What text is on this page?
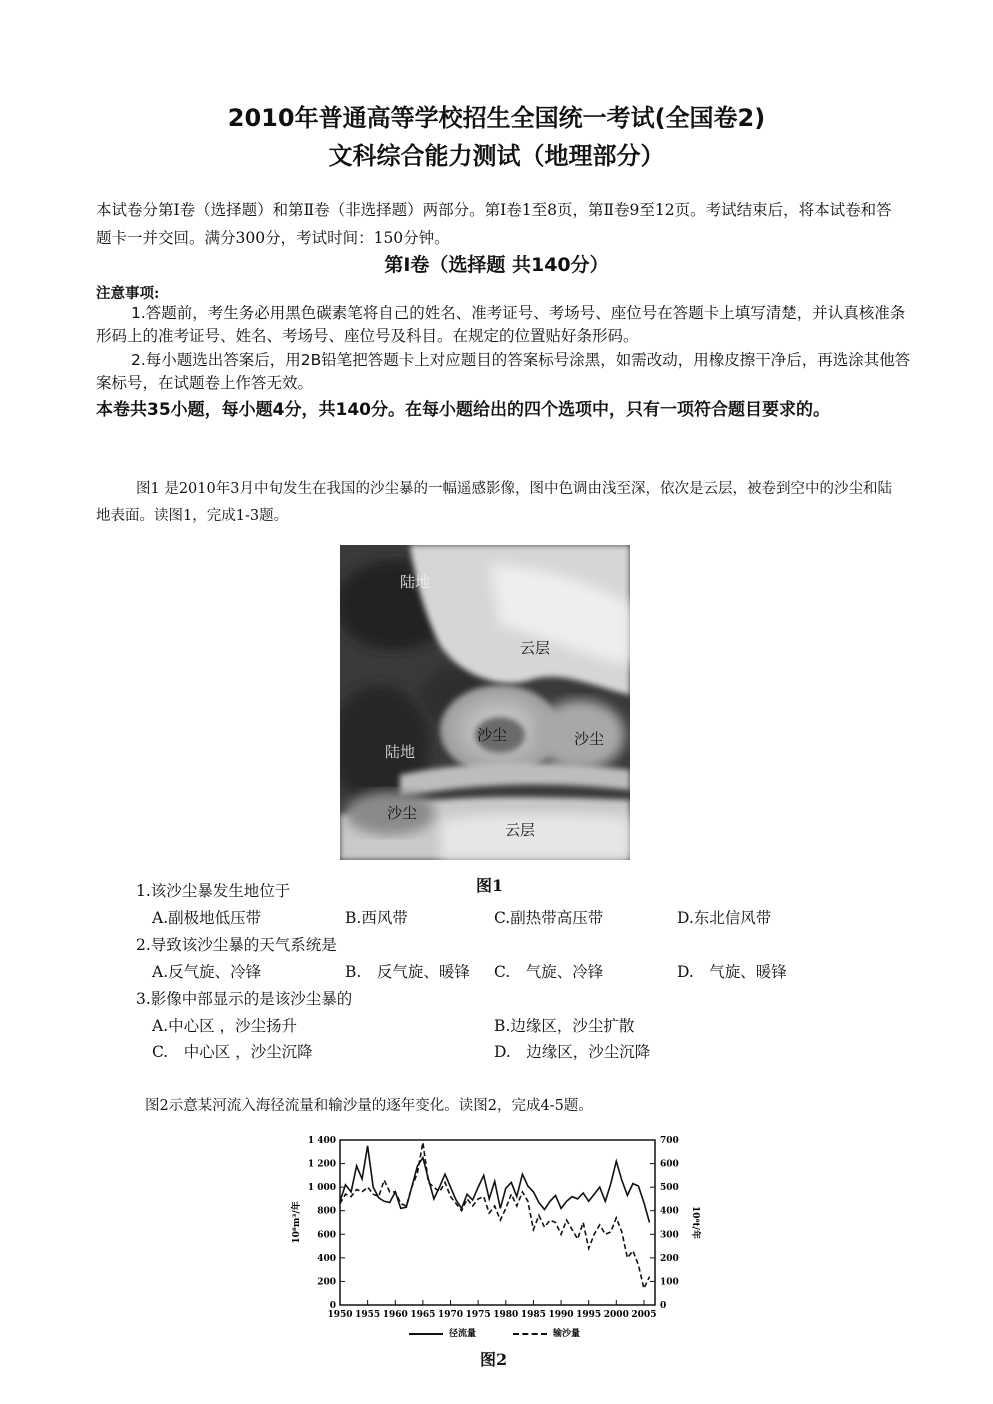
2010年普通高等学校招生全国统一考试(全国卷2)
文科综合能力测试（地理部分）
本试卷分第Ⅰ卷（选择题）和第Ⅱ卷（非选择题）两部分。第Ⅰ卷1至8页，第Ⅱ卷9至12页。考试结束后，将本试卷和答题卡一并交回。满分300分，考试时间：150分钟。
第Ⅰ卷（选择题 共140分）
注意事项:
1.答题前，考生务必用黑色碳素笔将自己的姓名、准考证号、考场号、座位号在答题卡上填写清楚，并认真核准条形码上的准考证号、姓名、考场号、座位号及科目。在规定的位置贴好条形码。
2.每小题选出答案后，用2B铅笔把答题卡上对应题目的答案标号涂黑，如需改动，用橡皮擦干净后，再选涂其他答案标号，在试题卷上作答无效。
本卷共35小题，每小题4分，共140分。在每小题给出的四个选项中，只有一项符合题目要求的。
图1 是2010年3月中旬发生在我国的沙尘暴的一幅遥感影像，图中色调由浅至深，依次是云层，被卷到空中的沙尘和陆地表面。读图1，完成1-3题。
陆地
云层
沙尘	沙尘
陆地
沙尘
云层
图1
1.该沙尘暴发生地位于
A.副极地低压带	B.西风带	C.副热带高压带	D.东北信风带
2.导致该沙尘暴的天气系统是
A.反气旋、冷锋	B.　反气旋、暖锋 C.　气旋、冷锋	D.　气旋、暖锋
3.影像中部显示的是该沙尘暴的
A.中心区 ，沙尘扬升	B.边缘区，沙尘扩散
C.　中心区 ，沙尘沉降	D.　边缘区，沙尘沉降
图2示意某河流入海径流量和输沙量的逐年变化。读图2，完成4-5题。
0
200
400
600
800
1 000
1 200
1 400
0
100
200
300
400
500
600
700
1950 1955 1960 1965 1970 1975 1980 1985 1990 1995 2000 2005
10⁸m³/年	10⁸t/年
径流量	输沙量
图2
